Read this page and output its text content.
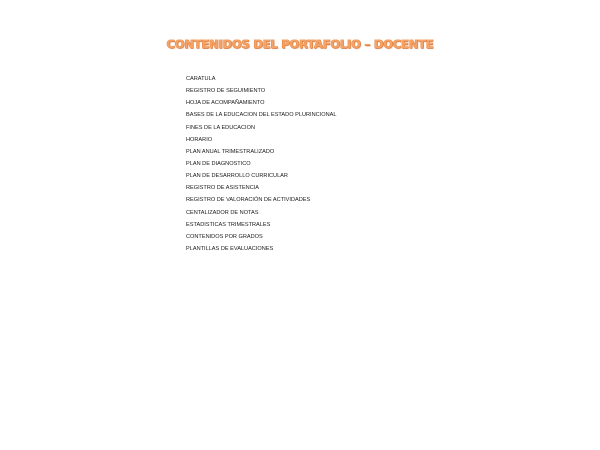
CONTENIDOS DEL PORTAFOLIO – DOCENTE
CARATULA
REGISTRO DE SEGUIMIENTO
HOJA DE ACOMPAÑAMIENTO
BASES DE LA EDUCACION DEL ESTADO PLURINCIONAL
FINES DE LA EDUCACION
HORARIO
PLAN ANUAL TRIMESTRALIZADO
PLAN DE DIAGNOSTICO
PLAN DE DESARROLLO CURRICULAR
REGISTRO DE ASISTENCIA
REGISTRO DE VALORACIÓN DE ACTIVIDADES
CENTALIZADOR DE NOTAS
ESTADISTICAS TRIMESTRALES
CONTENIDOS POR GRADOS
PLANTILLAS DE EVALUACIONES
